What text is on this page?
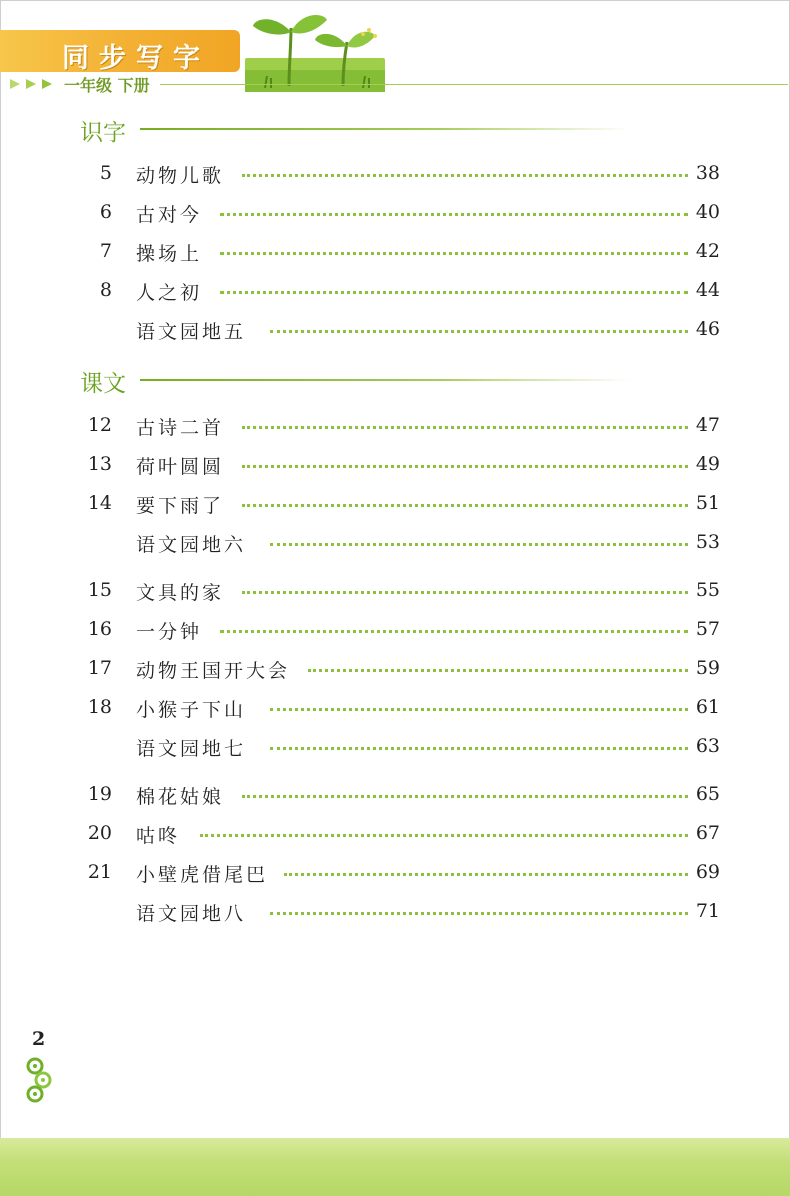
同步写字
一年级 下册
识字
5 动物儿歌	38
6 古对今	40
7 操场上	42
8 人之初	44
语文园地五	46
课文
12 古诗二首	47
13 荷叶圆圆	49
14 要下雨了	51
语文园地六	53
15 文具的家	55
16 一分钟	57
17 动物王国开大会	59
18 小猴子下山	61
语文园地七	63
19 棉花姑娘	65
20 咕咚	67
21 小壁虎借尾巴	69
语文园地八	71
2
